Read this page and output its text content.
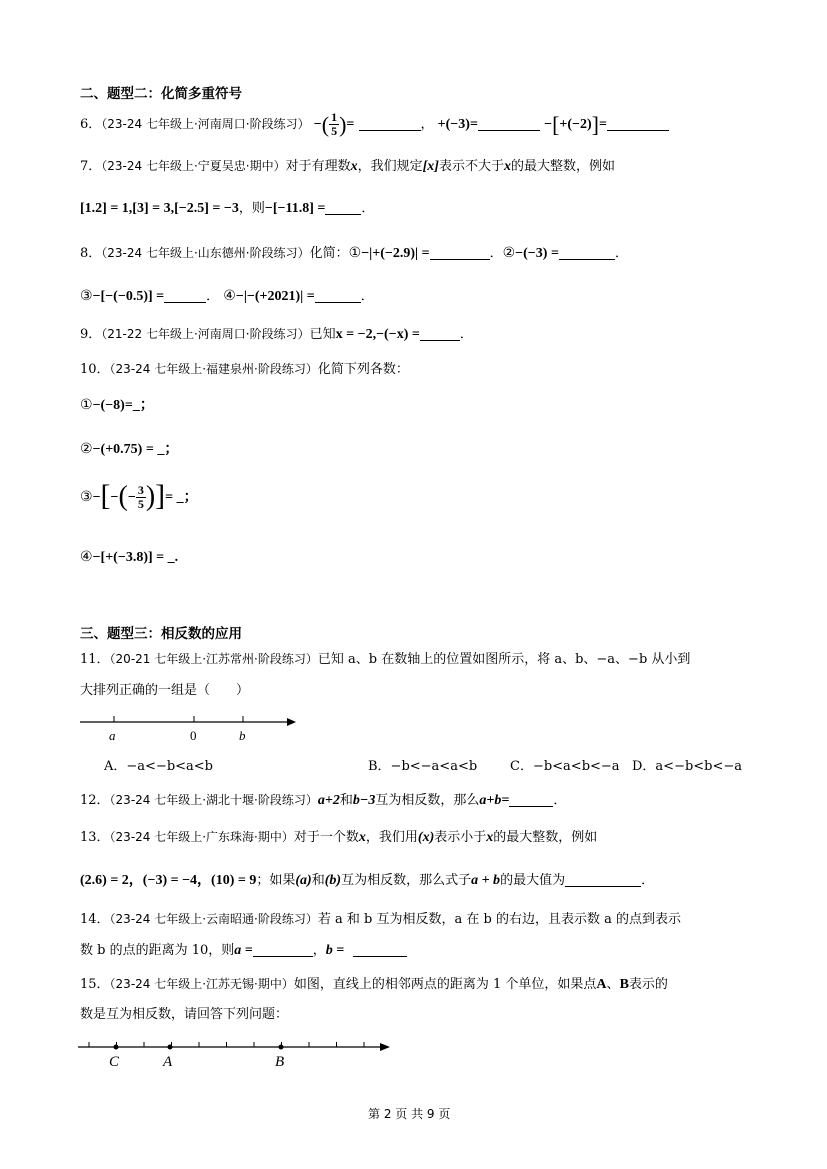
二、题型二：化简多重符号
6．（23-24 七年级上·河南周口·阶段练习） −( $\frac{1}{5}$ )=	， +(−3)=	−[+(−2)]=
7．（23-24 七年级上·宁夏吴忠·期中）对于有理数x，我们规定[x]表示不大于x的最大整数，例如
[1.2] = 1,[3] = 3,[−2.5] = −3，则−[−11.8] =	．
8．（23-24 七年级上·山东德州·阶段练习）化简：①−|+(−2.9)| =	．②−(−3) =	．
③−[−(−0.5)] =	． ④−|−(+2021)| =	．
9．（21-22 七年级上·河南周口·阶段练习）已知x = −2,−(−x) =	．
10．（23-24 七年级上·福建泉州·阶段练习）化简下列各数：
①−(−8)=_；
②−(+0.75) = _；
③−[−(− $\frac{3}{5}$ )]= _；
④−[+(−3.8)] = _.
三、题型三：相反数的应用
11．（20-21 七年级上·江苏常州·阶段练习）已知 a、b 在数轴上的位置如图所示，将 a、b、−a、−b 从小到
大排列正确的一组是（　　）
a	0	b
A．−a<−b<a<b	B．−b<−a<a<b	C．−b<a<b<−a D．a<−b<b<−a
12．（23-24 七年级上·湖北十堰·阶段练习）a+2和b−3互为相反数，那么a+b=	．
13．（23-24 七年级上·广东珠海·期中）对于一个数x，我们用(x)表示小于x的最大整数，例如
(2.6) = 2，(−3) = −4，(10) = 9；如果(a)和(b)互为相反数，那么式子a + b的最大值为	．
14．（23-24 七年级上·云南昭通·阶段练习）若 a 和 b 互为相反数，a 在 b 的右边，且表示数 a 的点到表示
数 b 的点的距离为 10，则a =	，b =
15．（23-24 七年级上·江苏无锡·期中）如图，直线上的相邻两点的距离为 1 个单位，如果点A、B表示的
数是互为相反数，请回答下列问题：
C	A	B
第 2 页 共 9 页
